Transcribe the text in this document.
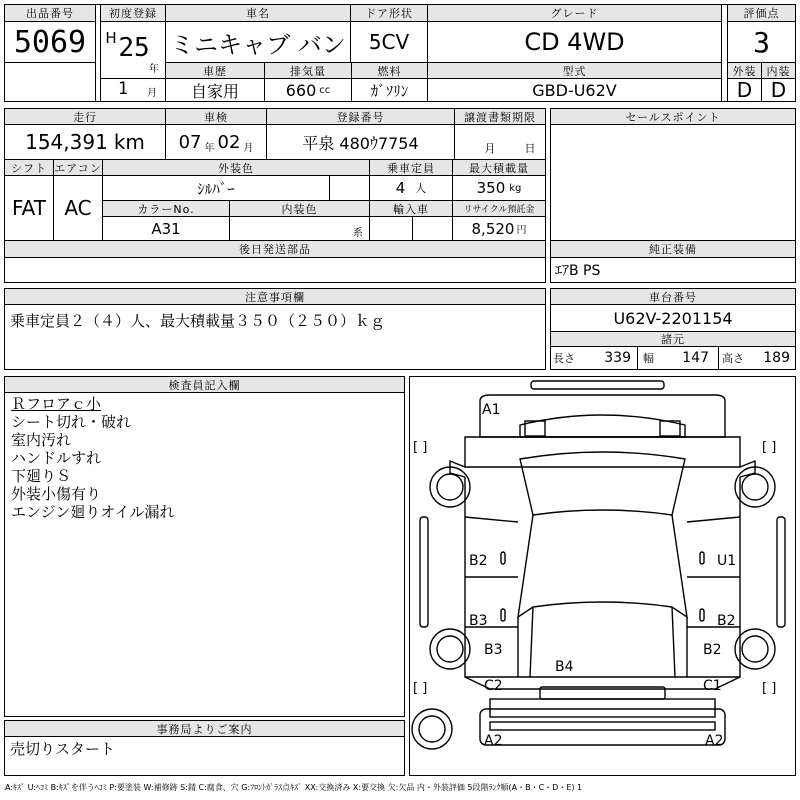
出品番号
5069
初度登録
H 25
年
1	月
車名
ミニキャブ バン
車歴
自家用
排気量
660 cc
ドア形状
5CV
燃料
ｶﾞｿﾘﾝ
グレード
CD 4WD
型式
GBD-U62V
評価点
3
外装 内装
D D
走行
154,391 km
車検
07 年 02 月
登録番号
平泉 480ｳ7754
譲渡書類期限
月	日
シフト
FAT
エアコン
AC
外装色
ｼﾙﾊﾞｰ
乗車定員
4 人
最大積載量
350 kg
カラーNo.
A31
内装色
系
輸入車	リサイクル預託金
8,520 円
後日発送部品
セールスポイント
純正装備
ｴｱB PS
注意事項欄
乗車定員２（４）人、最大積載量３５０（２５０）ｋｇ
車台番号
U62V-2201154
諸元
長さ 339 幅 147 高さ 189
検査員記入欄
Ｒフロアｃ小
シート切れ・破れ
室内汚れ
ハンドルすれ
下廻りＳ
外装小傷有り
エンジン廻りオイル漏れ
事務局よりご案内
売切りスタート
[ ]	[ ]
[ ]	[ ]
A1
B2	U1
B3	B2
B3	B2
B4
C2	C1
A2	A2
A:ｷｽﾞ U:ﾍｺﾐ B:ｷｽﾞを伴うﾍｺﾐ P:要塗装 W:補修跡 S:錆 C:腐食、穴 G:ﾌﾛﾝﾄｶﾞﾗｽ点ｷｽﾞ XX:交換済み X:要交換 欠:欠品 内・外装評価 5段階ﾗﾝｸ順(A・B・C・D・E) 1
